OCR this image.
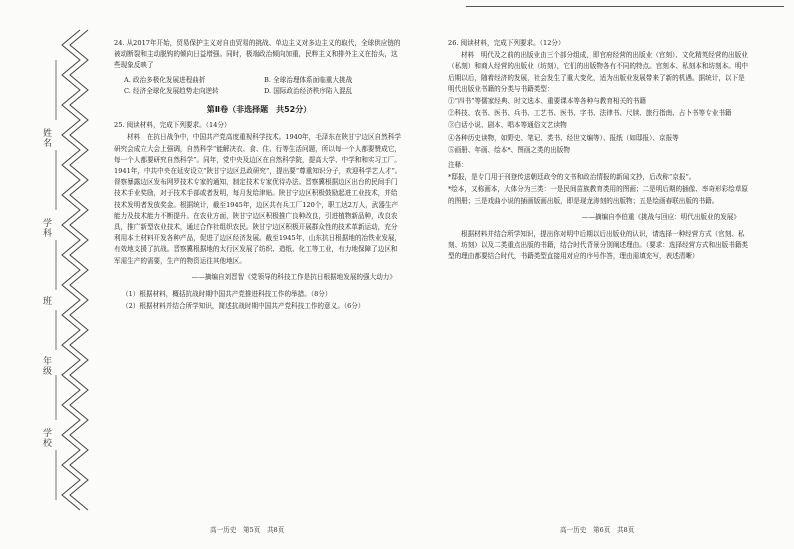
姓名
学科
班
年级
学校

24. 从2017年开始，贸易保护主义对自由贸易的挑战、单边主义对多边主义的取代，全球供应链的被动断裂和主动脱钩的倾向日益增强。同时，极端政治倾向加重，民粹主义和排外主义在抬头，这些现象反映了

A. 政治多极化发展进程曲折	B. 全球治理体系面临重大挑战
C. 经济全球化发展趋势走向逆转	D. 国际政治经济秩序陷入混乱
第Ⅱ卷（非选择题　共52分）

25. 阅读材料，完成下列要求。（14分）

材料　在抗日战争中，中国共产党高度重视科学技术。1940年，毛泽东在陕甘宁边区自然科学研究会成立大会上强调，自然科学“能解决衣、食、住、行等生活问题，所以每一个人都要赞成它，每一个人都要研究自然科学”。同年，党中央及边区在自然科学院，提高大学、中学和和实习工厂。1941年，中共中央在延安设立“陕甘宁边区总政研究”，提出要“尊重知识分子，欢迎科学艺人才”。督察暴露边区发布网罗技术专家的通知，制定技术专家优待办法。晋察冀根据边区出台的民间手门技术手业奖励，对于技术手部或者发明，每月发给津贴。陕甘宁边区积极鼓励起进工业技术，并给技术发明者发放奖金。根据统计，截至1945年，边区共有兵工厂120个，职工达2万人，武器生产能力及技术能力不断提升。在农业方面，陕甘宁边区积极推广良种改良，引进植物新品种，改良农具，推广新型农业技术，通过合作社组织农民。陕甘宁边区积极开展群众性的技术革新运动，充分利用本土材料开发各种产品，促进了边区经济发展。截至1945年，山东抗日根据地的冶铁业发展，有效地支援了抗战。晋察冀根据地的太行区发展了纺织、造纸、化工等工业，有力地保障了边区和军需生产的需要，生产的物资运往其他地区。

——摘编自刘晋智《党领导的科技工作是抗日根据地发展的强大动力》

（1）根据材料，概括抗战时期中国共产党推进科技工作的举措。（8分）

（2）根据材料并结合所学知识，简述抗战时期中国共产党科技工作的意义。（6分）

高一历史　第5页　共8页

26. 阅读材料，完成下列要求。（12分）

材料　明代及之前的出版业由三个部分组成，即官府经营的出版业（官刻）、文化精英经营的出版业（私刻）和商人经营的出版业（坊刻），它们的出版物各有不同的特点。官刻本、私刻本和坊刻本。明中后期以后，随着经济的发展，社会发生了重大变化，适为出版业发展带来了新的机遇。据统计，以下是明代出版业书籍的分类与书籍类型：

①“四书”等儒家经典、时文选本、重要课本等各种与教育相关的书籍

②科技、农书、医书、兵书、工艺书、医书、字书、法律书、尺牍、旅行指南、占卜书等专业书籍

③白话小说、剧本、唱本等通俗文艺读物

④各种历史读物，如野史、笔记、类书、经世文编等）、报纸（如邸报）、京报等

⑤画册、年画、绘本*、图画之类的出版物

注释：

*邸报，是专门用于刊登传送朝廷政令的文书和政治情报的新闻文抄，后改称“京报”。

*绘本，又称画本，大体分为三类：一是民间苗族教育类用的图画；二是明后期的插像、率奇形彩绘草原的图册；三是戏曲小说的插画版画出版，即是现龙涛刻的出版物；五是绘画春联出版的书籍。

——摘编自李伯重《挑战与回应：明代出版业的发展》

根据材料并结合所学知识，提出你对明中后期以后出版业的认识，请选择一种经营方式（官刻、私刻、坊刻）以及二类重点出版的书籍，结合时代背景分别阐述理由。（要求：选择经营方式和出版书籍类型的理由都要结合时代，书籍类型直接用对应的序号作答，理由需填充写，表述清晰）

高一历史　第6页　共8页
